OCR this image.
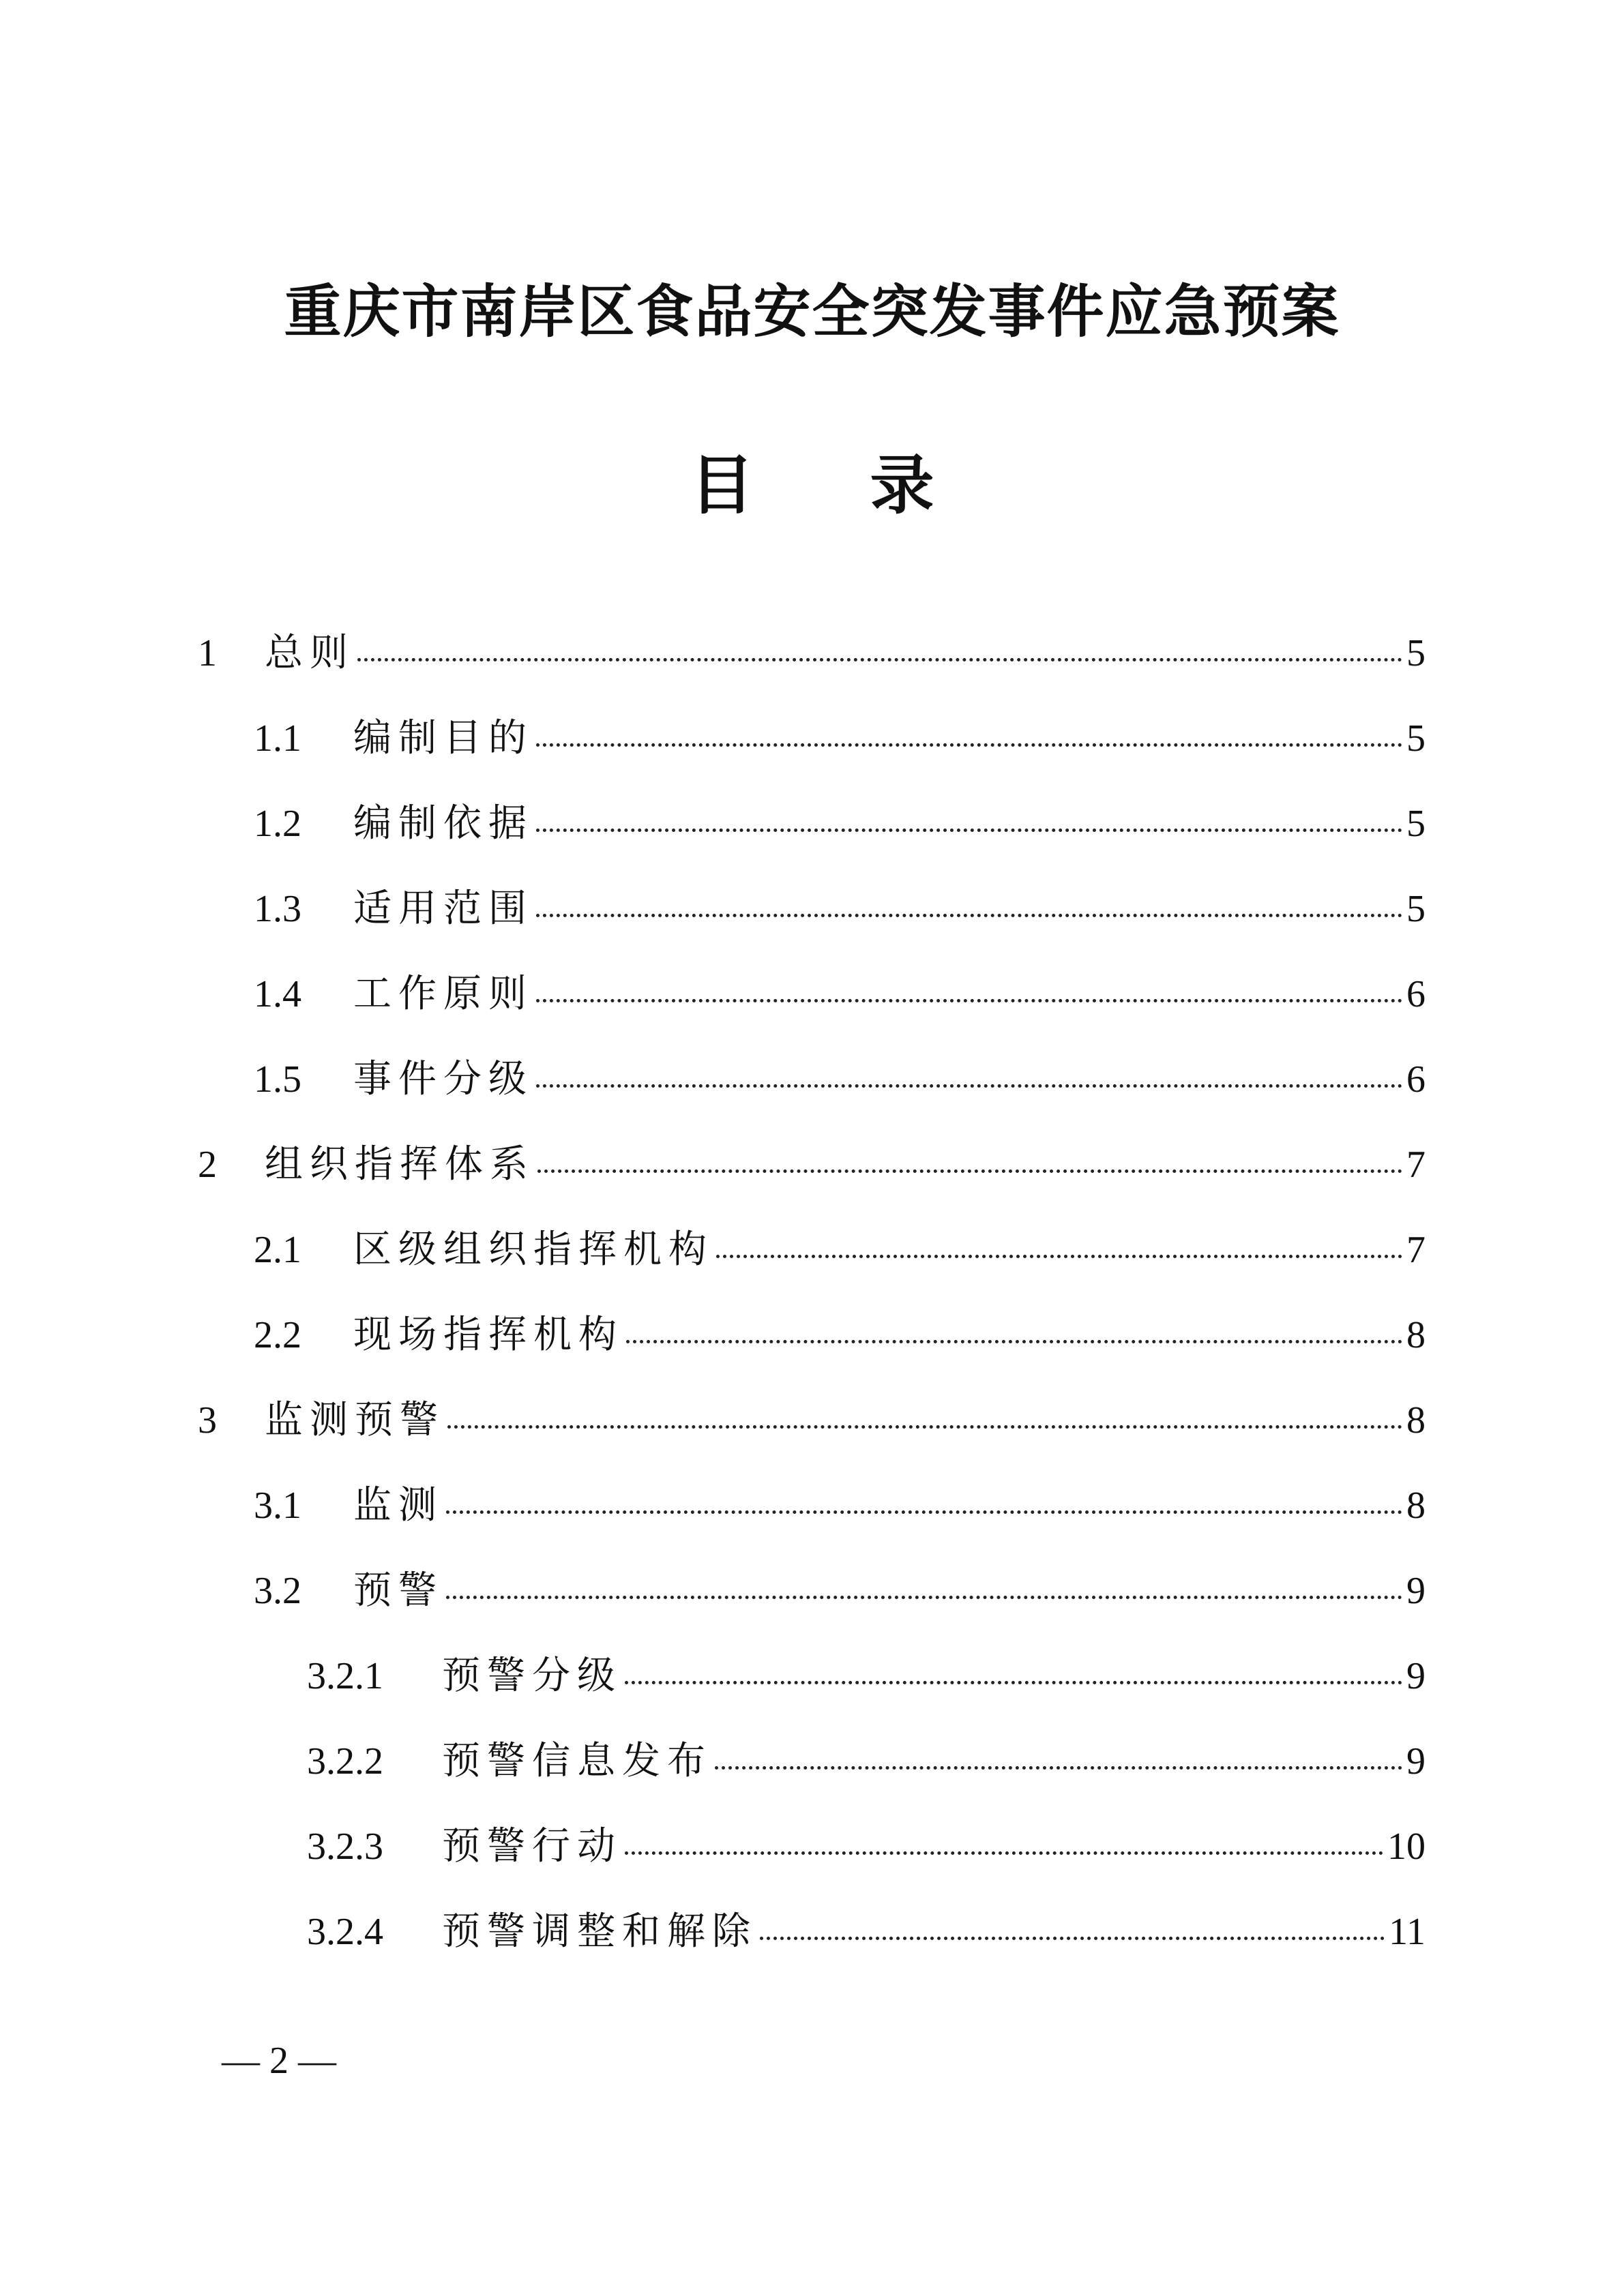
重庆市南岸区食品安全突发事件应急预案
目 录
1	总则	5
1.1	编制目的	5
1.2	编制依据	5
1.3	适用范围	5
1.4	工作原则	6
1.5	事件分级	6
2	组织指挥体系	7
2.1	区级组织指挥机构	7
2.2	现场指挥机构	8
3	监测预警	8
3.1	监测	8
3.2	预警	9
3.2.1	预警分级	9
3.2.2	预警信息发布	9
3.2.3	预警行动	10
3.2.4	预警调整和解除	11
— 2 —
